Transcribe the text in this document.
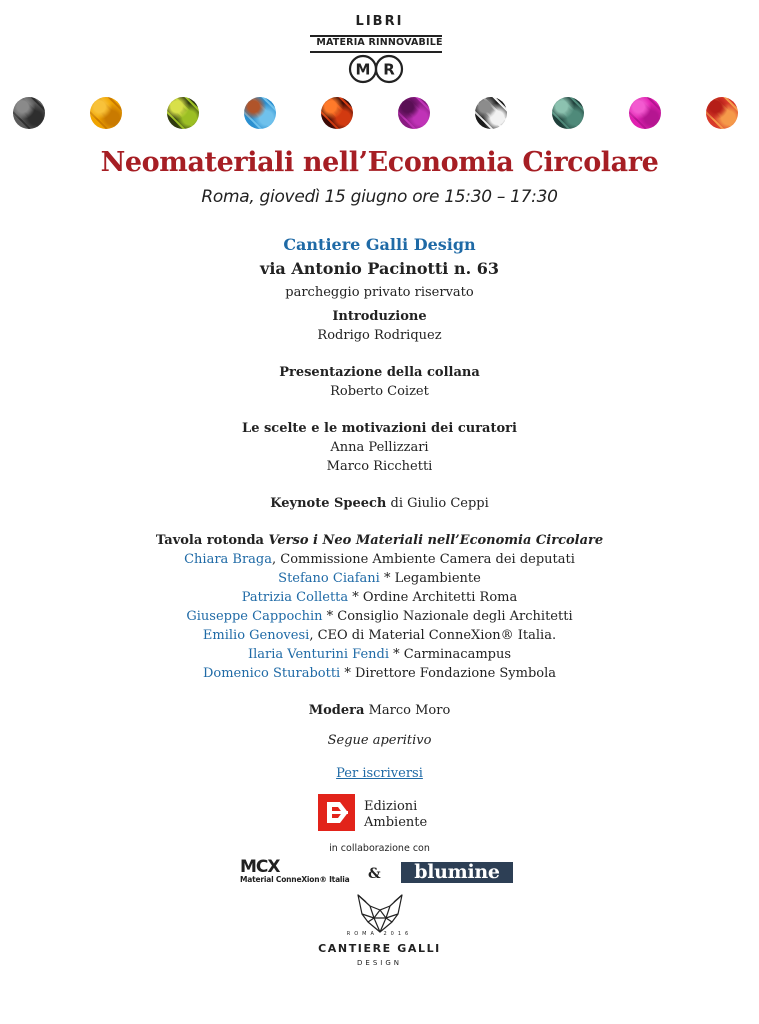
LIBRI
MATERIA RINNOVABILE
M R
Neomateriali nell’Economia Circolare
Roma, giovedì 15 giugno ore 15:30 – 17:30
Cantiere Galli Design
via Antonio Pacinotti n. 63
parcheggio privato riservato
Introduzione
Rodrigo Rodriquez
Presentazione della collana
Roberto Coizet
Le scelte e le motivazioni dei curatori
Anna Pellizzari
Marco Ricchetti
Keynote Speech di Giulio Ceppi
Tavola rotonda Verso i Neo Materiali nell’Economia Circolare
Chiara Braga, Commissione Ambiente Camera dei deputati
Stefano Ciafani * Legambiente
Patrizia Colletta * Ordine Architetti Roma
Giuseppe Cappochin * Consiglio Nazionale degli Architetti
Emilio Genovesi, CEO di Material ConneXion® Italia.
Ilaria Venturini Fendi * Carminacampus
Domenico Sturabotti * Direttore Fondazione Symbola
Modera Marco Moro
Segue aperitivo
Per iscriversi
Edizioni
Ambiente
in collaborazione con
MCX
Material ConneXion® Italia &	blumine
ROMA 2016
CANTIERE GALLI
DESIGN
